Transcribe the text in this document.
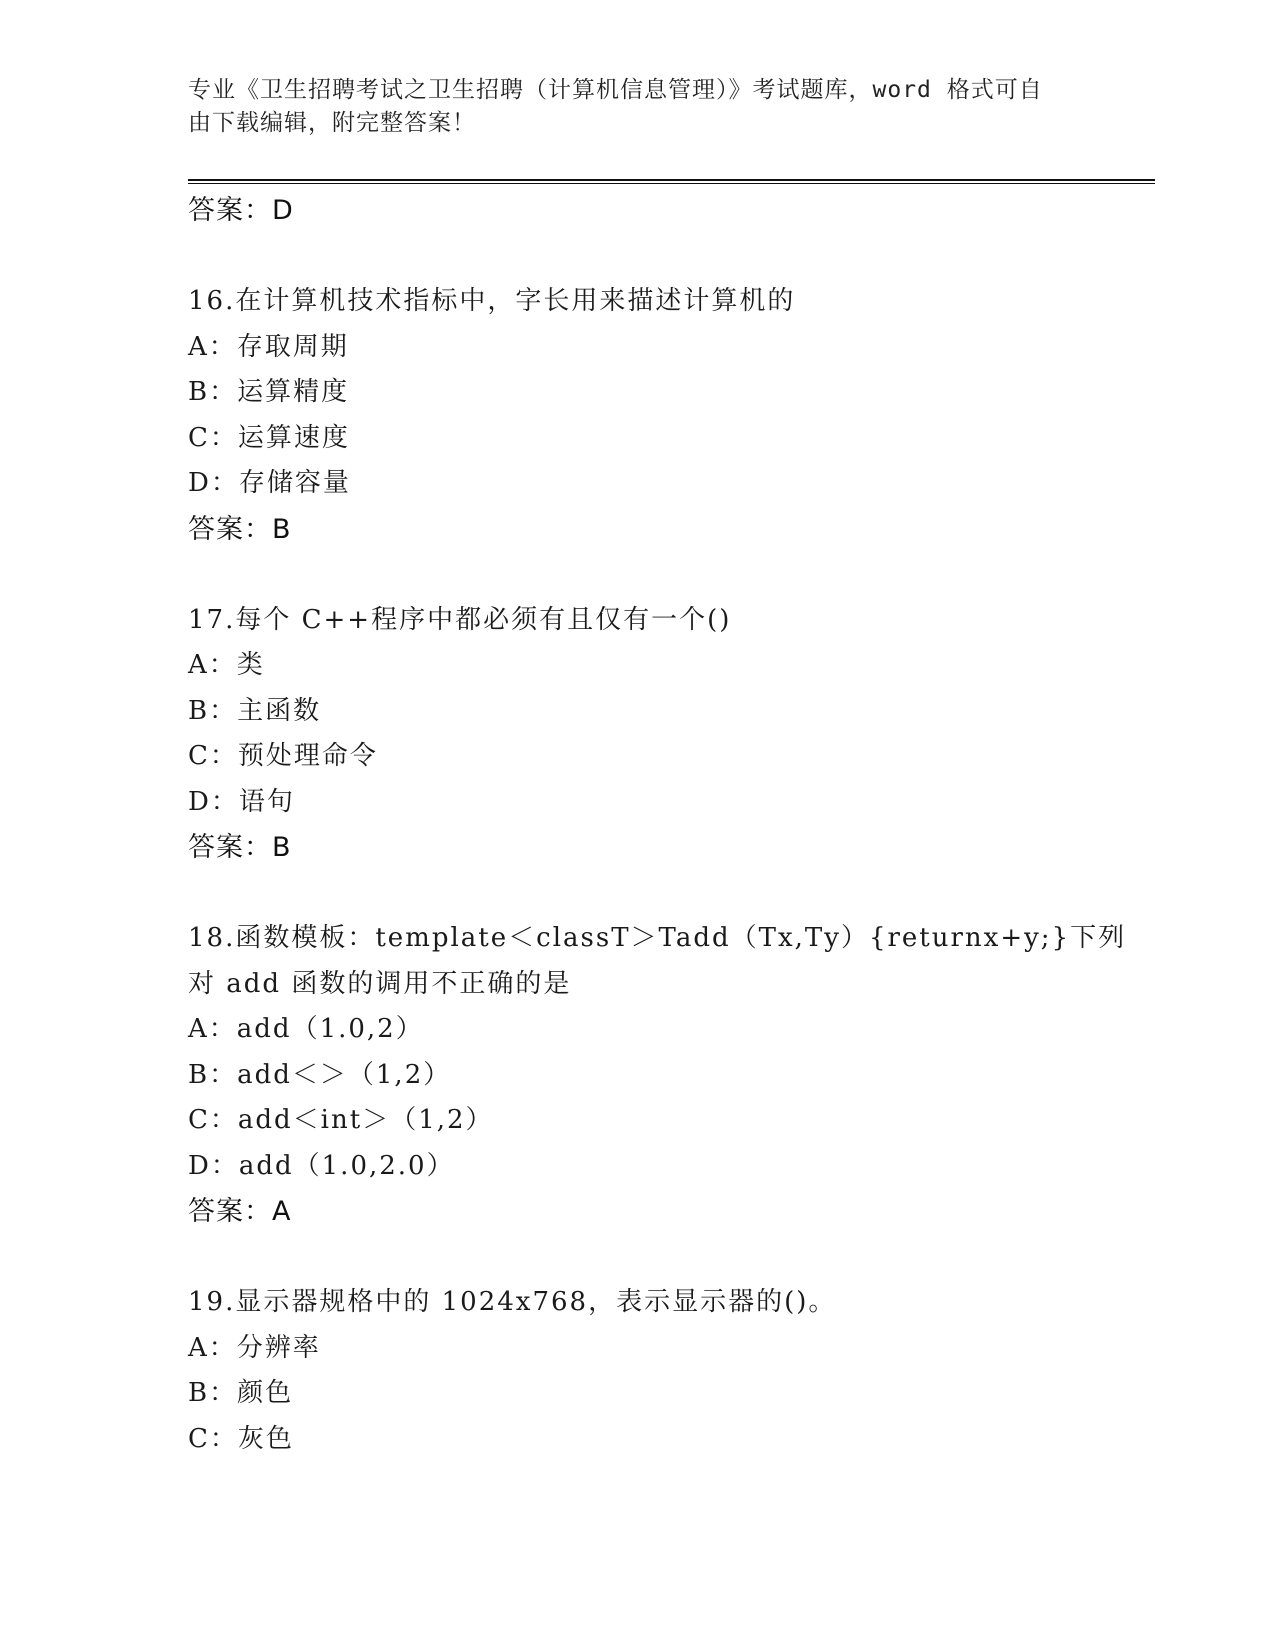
专业《卫生招聘考试之卫生招聘（计算机信息管理）》考试题库，word 格式可自
由下载编辑，附完整答案！
答案：D
16.在计算机技术指标中，字长用来描述计算机的
A：存取周期
B：运算精度
C：运算速度
D：存储容量
答案：B
17.每个 C++程序中都必须有且仅有一个()
A：类
B：主函数
C：预处理命令
D：语句
答案：B
18.函数模板：template＜classT＞Tadd（Tx,Ty）{returnx+y;}下列
对 add 函数的调用不正确的是
A：add（1.0,2）
B：add＜＞（1,2）
C：add＜int＞（1,2）
D：add（1.0,2.0）
答案：A
19.显示器规格中的 1024x768，表示显示器的()。
A：分辨率
B：颜色
C：灰色
